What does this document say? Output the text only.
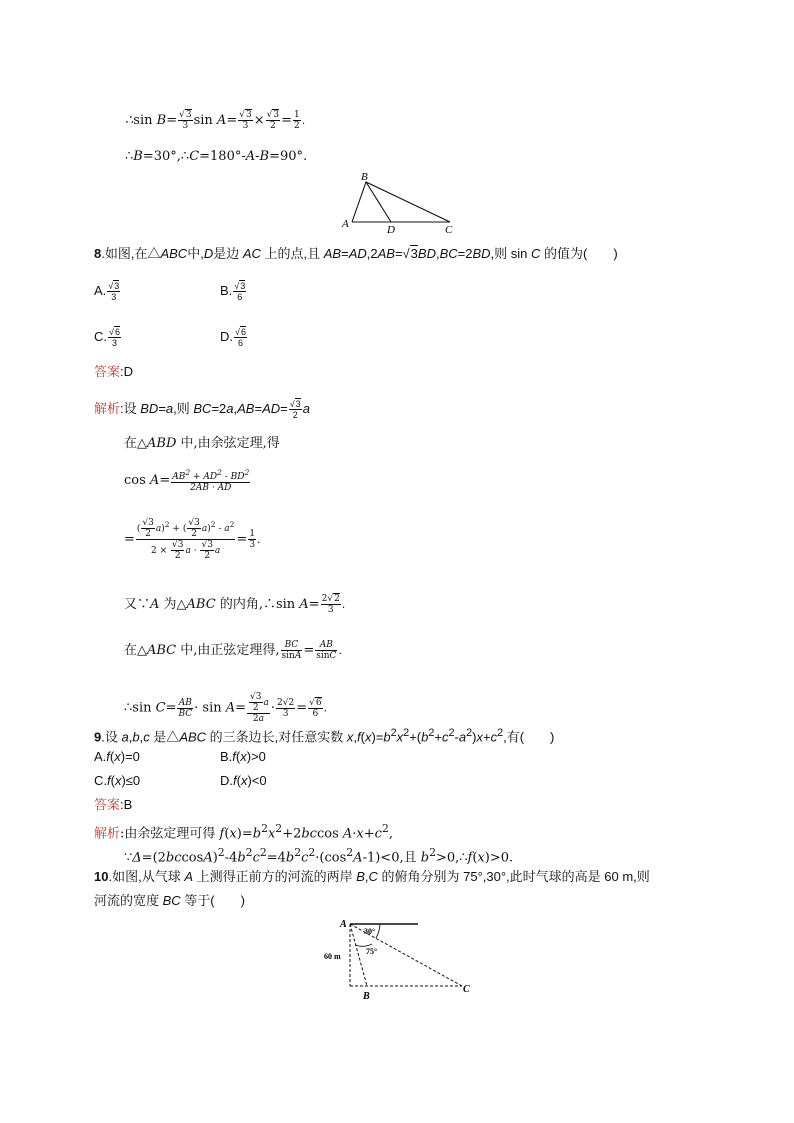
∴sin $B= \frac{√3}{3}$ $\sin A= \frac{√3}{3} \times \frac{√3}{2} = \frac{1}{2}$ .
∴B=30°,∴C=180°-A-B=90°.
B
A	D	C
8.如图,在△ABC中,D是边 AC 上的点,且 AB=AD,2AB=√3BD,BC=2BD,则 sin C 的值为(　　)
A. $\frac{√3}{3}$	B. $\frac{√3}{6}$
C. $\frac{√6}{3}$	D. $\frac{√6}{6}$
答案:D
解析:设 BD=a,则 $BC=2a,AB=AD= \frac{√3}{2}$ a
在△ABD 中,由余弦定理,得
$\cos A= \frac{AB^2 + AD^2 - BD^2}{2AB \cdot AD}$
= $\frac{( \frac{√3}{2} a)^2 + ( \frac{√3}{2} a)^2 - a^2}{2 \times \frac{√3}{2} a \cdot \frac{√3}{2} a} = \frac{1}{3}$ .
又∵A 为△ABC 的内角,∴sin $A= \frac{2√2}{3}$ .
在△ABC 中,由正弦定理得, $\frac{BC}{\sin A} = \frac{AB}{\sin C}$ .
∴sin $C= \frac{AB}{BC} \cdot \sin A= \frac{\frac{√3}{2} a}{2a} \cdot \frac{2√2}{3} = \frac{√6}{6}$ .
9.设 a,b,c 是△ABC 的三条边长,对任意实数 $x,f(x)=b^2x^2+(b^2+c^2-a^2)x+c^2$,有(　　)
A.f(x)=0	B.f(x)>0
C.f(x)≤0	D.f(x)<0
答案:B
解析:由余弦定理可得 $f(x)=b^2x^2+2bccos$ $A\cdot x+c^2$,
$\because\Delta=(2bccosA)^2-4b^2c^2=4b^2c^2\cdot(\cos^2A-1)<0$,且 $b^2>0,\therefore f(x)>0$.
10.如图,从气球 A 上测得正前方的河流的两岸 B,C 的俯角分别为 75°,30°,此时气球的高是 60 m,则
河流的宽度 BC 等于(　　)
A
30°
75°
60 m
B
C
